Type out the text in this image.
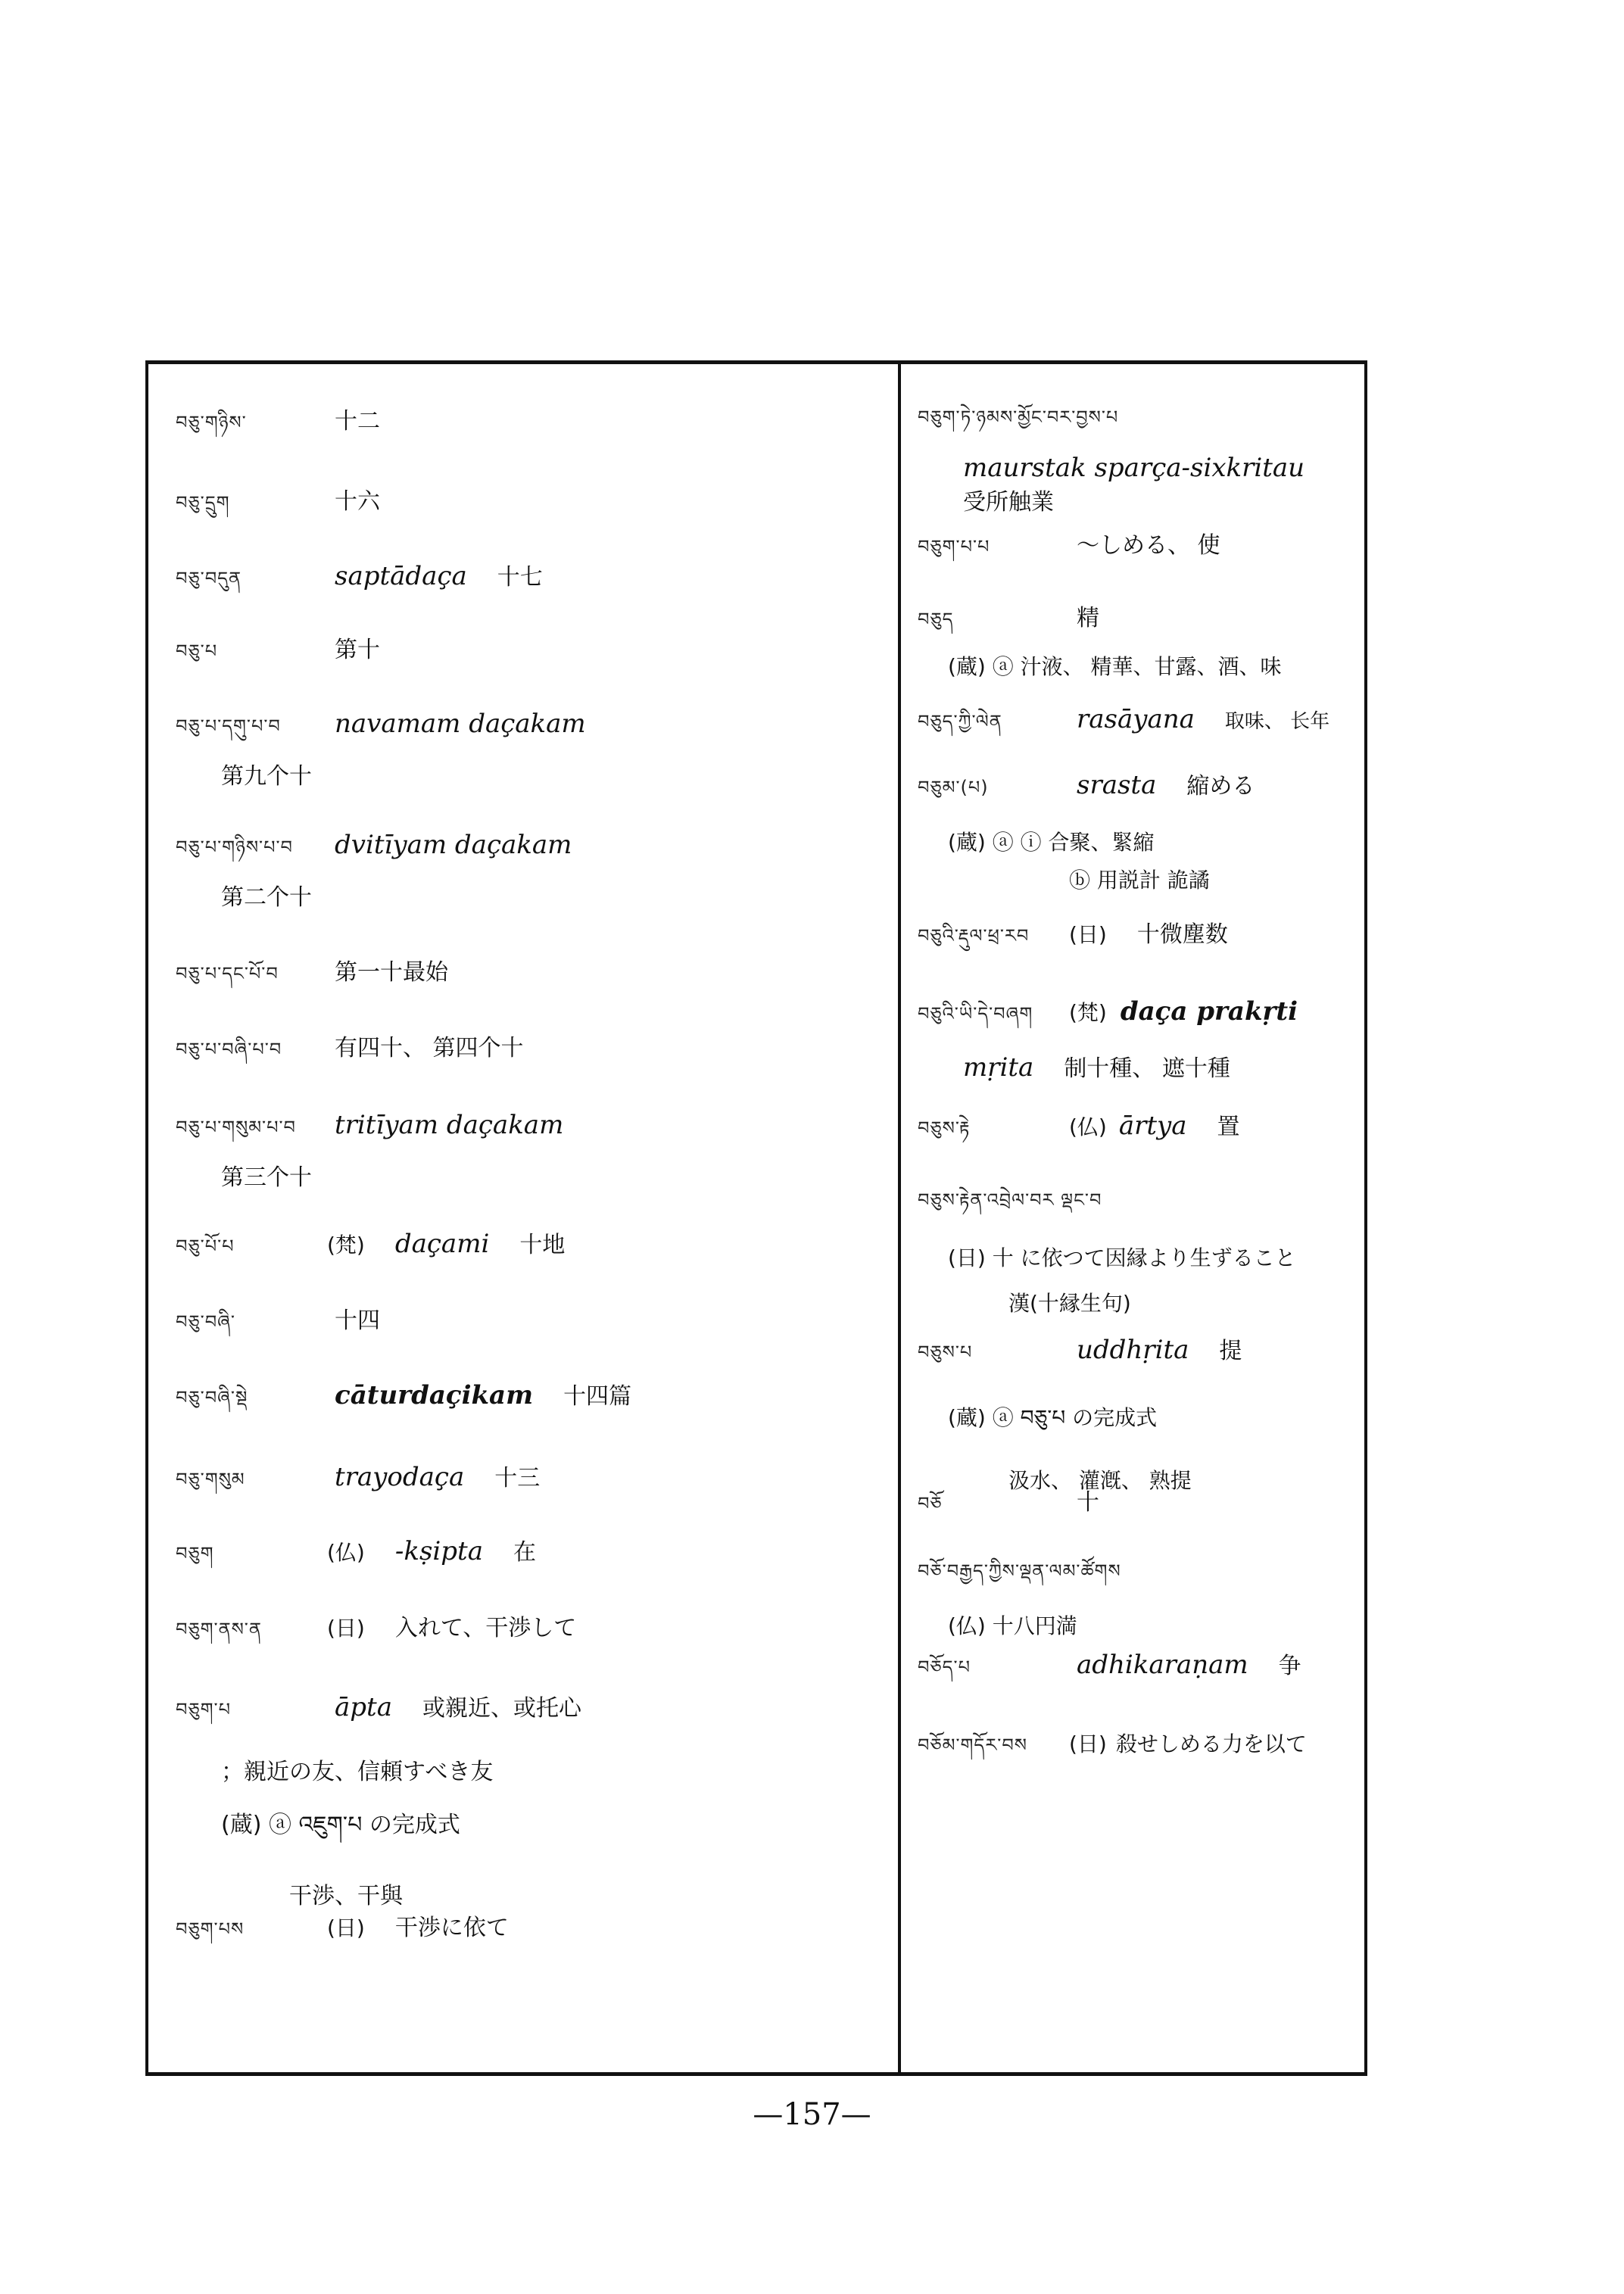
བཅུ་གཉིས་	十二
བཅུ་དྲུག	十六
བཅུ་བདུན	saptādaça 十七
བཅུ་པ	第十
བཅུ་པ་དགུ་པ་བ	navamam daçakam
第九个十
བཅུ་པ་གཉིས་པ་བ	dvitīyam daçakam
第二个十
བཅུ་པ་དང་པོ་བ	第一十最始
བཅུ་པ་བཞི་པ་བ	有四十、 第四个十
བཅུ་པ་གསུམ་པ་བ	tritīyam daçakam
第三个十
བཅུ་པོ་པ	(梵) daçami 十地
བཅུ་བཞི་	十四
བཅུ་བཞི་སྡེ	cāturdaçikam 十四篇
བཅུ་གསུམ	trayodaça 十三
བཅུག	(仏) -kṣipta 在
བཅུག་ནས་ན	(日) 入れて、干渉して
བཅུག་པ	āpta 或親近、或托心
；親近の友、信頼すべき友
(蔵) ⓐ འཇུག་པ の完成式
干渉、干與
བཅུག་པས	(日) 干渉に依て
བཅུག་ཏེ་ཉམས་མྱོང་བར་བྱས་པ
maurstak sparça-sixkritau
受所触業
བཅུག་པ་པ	～しめる、 使
བཅུད	精
(蔵) ⓐ 汁液、 精華、甘露、酒、味
བཅུད་ཀྱི་ལེན	rasāyana 取味、 长年
བཅུམ་(པ)	srasta 縮める
(蔵) ⓐ ⓘ 合聚、緊縮
ⓑ 用説計 詭譎
བཅུའི་རྡུལ་ཕྲ་རབ	(日) 十微塵数
བཅུའི་ཡི་དེ་བཞག	(梵) daça prakṛti
mṛita 制十種、 遮十種
བཅུས་རྟེ	(仏) ārtya 置
བཅུས་རྟེན་འབྲེལ་བར ལྡང་བ
(日) 十 に依つて因縁より生ずること
漢(十縁生句)
བཅུས་པ	uddhṛita 提
(蔵) ⓐ བཅུ་པ の完成式
汲水、 灌漑、 熟提
བཅོ	十
བཅོ་བརྒྱད་ཀྱིས་ལྡན་ལམ་ཚོགས
(仏) 十八円満
བཅོད་པ	adhikaraṇam 争
བཅོམ་གདོར་བས	(日) 殺せしめる力を以て
—157—
